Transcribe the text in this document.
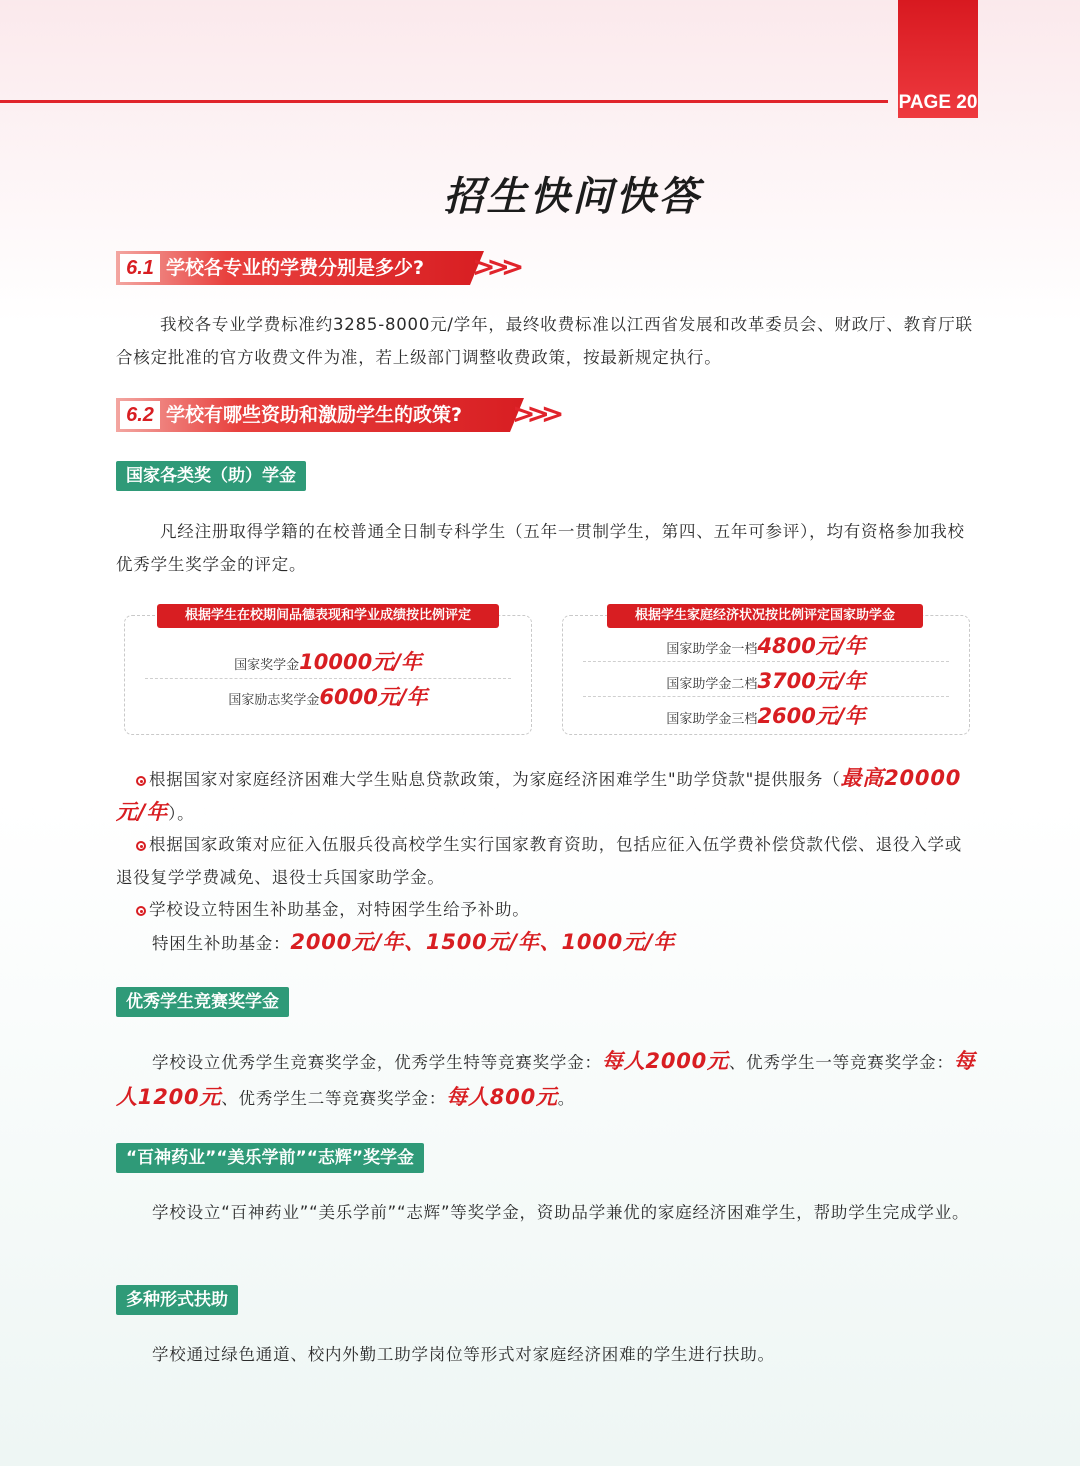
PAGE 20
招生快问快答
6.1 学校各专业的学费分别是多少? >>>
我校各专业学费标准约3285-8000元/学年，最终收费标准以江西省发展和改革委员会、财政厅、教育厅联合核定批准的官方收费文件为准，若上级部门调整收费政策，按最新规定执行。
6.2 学校有哪些资助和激励学生的政策? >>>
国家各类奖（助）学金
凡经注册取得学籍的在校普通全日制专科学生（五年一贯制学生，第四、五年可参评），均有资格参加我校优秀学生奖学金的评定。
根据学生在校期间品德表现和学业成绩按比例评定
国家奖学金10000元/年
国家励志奖学金6000元/年
根据学生家庭经济状况按比例评定国家助学金
国家助学金一档4800元/年
国家助学金二档3700元/年
国家助学金三档2600元/年
根据国家对家庭经济困难大学生贴息贷款政策，为家庭经济困难学生"助学贷款"提供服务（最高20000元/年）。
根据国家政策对应征入伍服兵役高校学生实行国家教育资助，包括应征入伍学费补偿贷款代偿、退役入学或退役复学学费减免、退役士兵国家助学金。
学校设立特困生补助基金，对特困学生给予补助。
特困生补助基金：2000元/年、1500元/年、1000元/年
优秀学生竞赛奖学金
学校设立优秀学生竞赛奖学金，优秀学生特等竞赛奖学金：每人2000元、优秀学生一等竞赛奖学金：每人1200元、优秀学生二等竞赛奖学金：每人800元。
“百神药业”“美乐学前”“志辉”奖学金
学校设立“百神药业”“美乐学前”“志辉”等奖学金，资助品学兼优的家庭经济困难学生，帮助学生完成学业。
多种形式扶助
学校通过绿色通道、校内外勤工助学岗位等形式对家庭经济困难的学生进行扶助。
